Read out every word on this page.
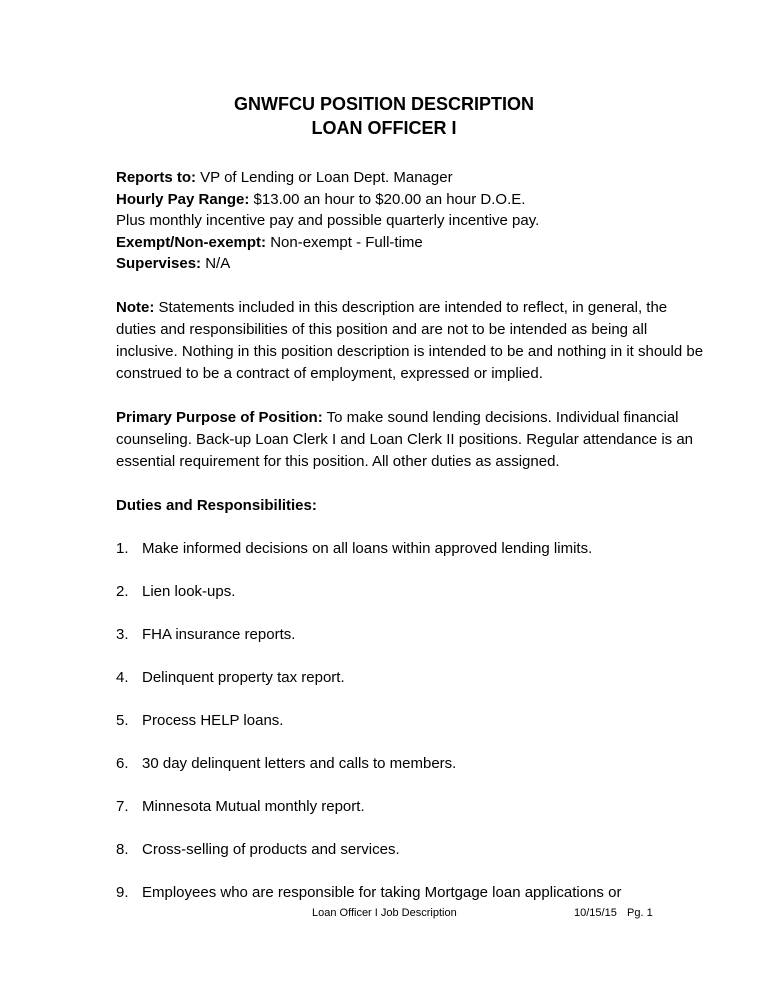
GNWFCU POSITION DESCRIPTION
LOAN OFFICER I
Reports to: VP of Lending or Loan Dept. Manager
Hourly Pay Range: $13.00 an hour to $20.00 an hour D.O.E.
Plus monthly incentive pay and possible quarterly incentive pay.
Exempt/Non-exempt: Non-exempt - Full-time
Supervises: N/A
Note: Statements included in this description are intended to reflect, in general, the duties and responsibilities of this position and are not to be intended as being all inclusive. Nothing in this position description is intended to be and nothing in it should be construed to be a contract of employment, expressed or implied.
Primary Purpose of Position: To make sound lending decisions. Individual financial counseling. Back-up Loan Clerk I and Loan Clerk II positions. Regular attendance is an essential requirement for this position. All other duties as assigned.
Duties and Responsibilities:
1. Make informed decisions on all loans within approved lending limits.
2. Lien look-ups.
3. FHA insurance reports.
4. Delinquent property tax report.
5. Process HELP loans.
6. 30 day delinquent letters and calls to members.
7. Minnesota Mutual monthly report.
8. Cross-selling of products and services.
9. Employees who are responsible for taking Mortgage loan applications or
Loan Officer I Job Description	10/15/15 Pg. 1
